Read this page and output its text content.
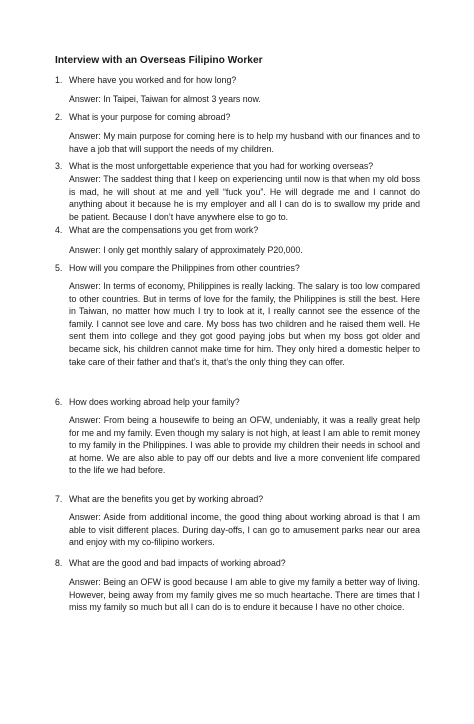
Interview with an Overseas Filipino Worker
1. Where have you worked and for how long?
Answer: In Taipei, Taiwan for almost 3 years now.
2. What is your purpose for coming abroad?
Answer: My main purpose for coming here is to help my husband with our finances and to have a job that will support the needs of my children.
3. What is the most unforgettable experience that you had for working overseas?
Answer: The saddest thing that I keep on experiencing until now is that when my old boss is mad, he will shout at me and yell “fuck you”. He will degrade me and I cannot do anything about it because he is my employer and all I can do is to swallow my pride and be patient. Because I don’t have anywhere else to go to.
4. What are the compensations you get from work?
Answer: I only get monthly salary of approximately P20,000.
5. How will you compare the Philippines from other countries?
Answer: In terms of economy, Philippines is really lacking. The salary is too low compared to other countries. But in terms of love for the family, the Philippines is still the best. Here in Taiwan, no matter how much I try to look at it, I really cannot see the essence of the family. I cannot see love and care. My boss has two children and he raised them well. He sent them into college and they got good paying jobs but when my boss got older and became sick, his children cannot make time for him. They only hired a domestic helper to take care of their father and that’s it, that’s the only thing they can offer.
6. How does working abroad help your family?
Answer: From being a housewife to being an OFW, undeniably, it was a really great help for me and my family. Even though my salary is not high, at least I am able to remit money to my family in the Philippines. I was able to provide my children their needs in school and at home. We are also able to pay off our debts and live a more convenient life compared to the life we had before.
7. What are the benefits you get by working abroad?
Answer: Aside from additional income, the good thing about working abroad is that I am able to visit different places. During day-offs, I can go to amusement parks near our area and enjoy with my co-filipino workers.
8. What are the good and bad impacts of working abroad?
Answer: Being an OFW is good because I am able to give my family a better way of living. However, being away from my family gives me so much heartache. There are times that I miss my family so much but all I can do is to endure it because I have no other choice.
